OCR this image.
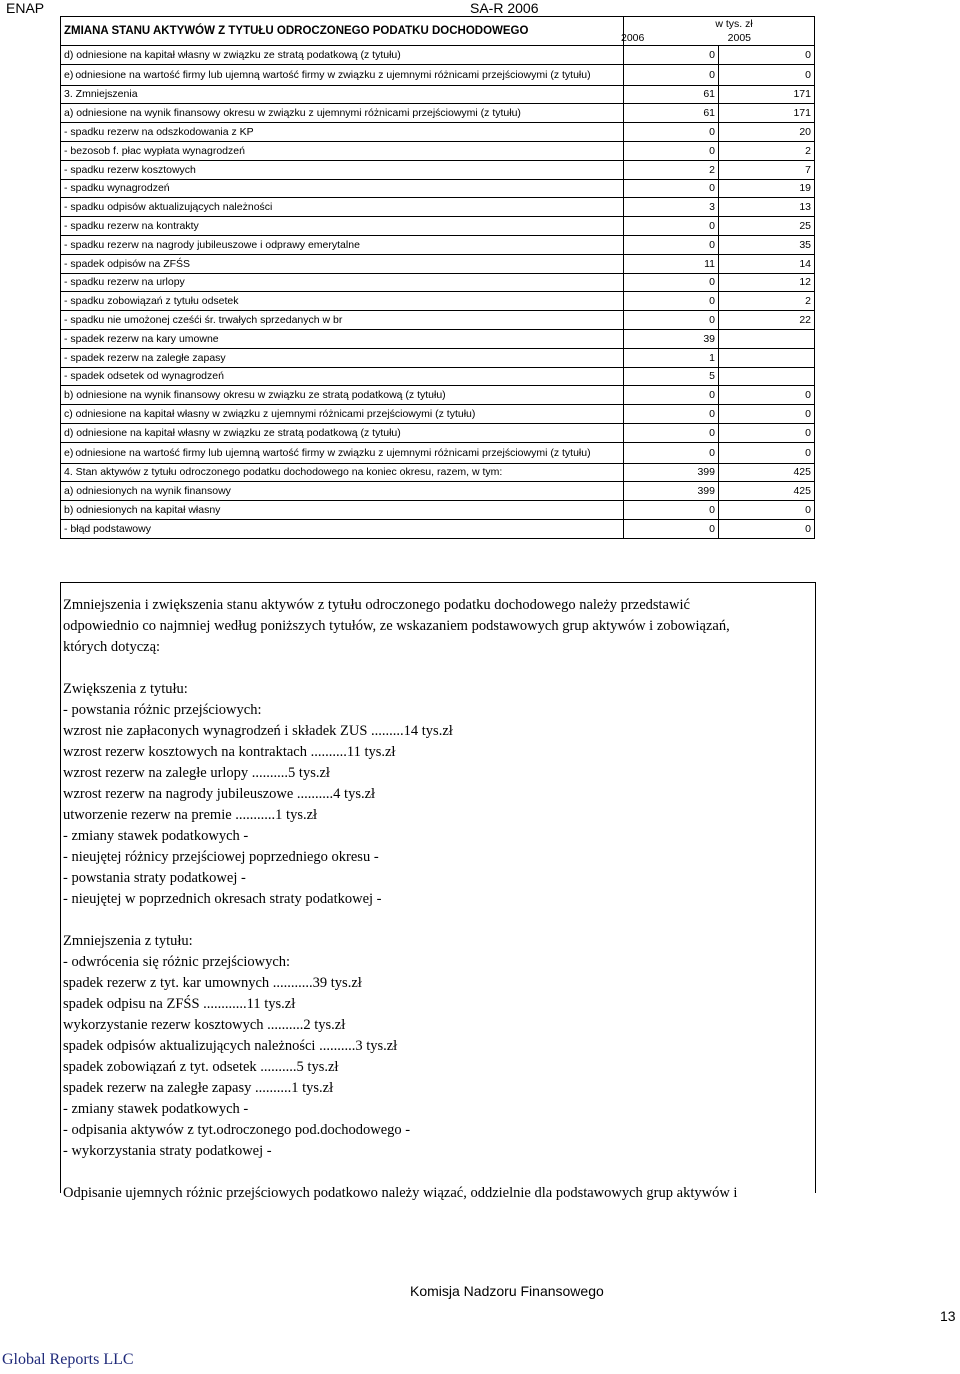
ENAP	SA-R 2006
ZMIANA STANU AKTYWÓW Z TYTUŁU ODROCZONEGO PODATKU DOCHODOWEGO	w tys. zł	

	2006 2005	

d) odniesione na kapitał własny w związku ze stratą podatkową (z tytułu)	0	0

e) odniesione na wartość firmy lub ujemną wartość firmy w związku z ujemnymi różnicami przejściowymi (z tytułu)	0	0
3. Zmniejszenia	61	171
a) odniesione na wynik finansowy okresu w związku z ujemnymi różnicami przejściowymi (z tytułu)	61	171
- spadku rezerw na odszkodowania z KP	0	20
- bezosob f. płac wypłata wynagrodzeń	0	2
- spadku rezerw kosztowych	2	7
- spadku wynagrodzeń	0	19
- spadku odpisów aktualizujących należności	3	13
- spadku rezerw na kontrakty	0	25
- spadku rezerw na nagrody jubileuszowe i odprawy emerytalne	0	35
- spadek odpisów na ZFŚS	11	14
- spadku rezerw na urlopy	0	12
- spadku zobowiązań z tytułu odsetek	0	2
- spadku nie umożonej cześći śr. trwałych sprzedanych w br	0	22
- spadek rezerw na kary umowne	39	
- spadek rezerw na zaległe zapasy	1	
- spadek odsetek od wynagrodzeń	5	
b) odniesione na wynik finansowy okresu w związku ze stratą podatkową (z tytułu)	0	0
c) odniesione na kapitał własny w związku z ujemnymi różnicami przejściowymi (z tytułu)	0	0
d) odniesione na kapitał własny w związku ze stratą podatkową (z tytułu)	0	0

e) odniesione na wartość firmy lub ujemną wartość firmy w związku z ujemnymi różnicami przejściowymi (z tytułu)	0	0
4. Stan aktywów z tytułu odroczonego podatku dochodowego na koniec okresu, razem, w tym:	399	425
a) odniesionych na wynik finansowy	399	425
b) odniesionych na kapitał własny	0	0
- błąd podstawowy	0	0
Zmniejszenia i zwiększenia stanu aktywów z tytułu odroczonego podatku dochodowego należy przedstawić
odpowiednio co najmniej według poniższych tytułów, ze wskazaniem podstawowych grup aktywów i zobowiązań,
których dotyczą:
Zwiększenia z tytułu:
- powstania różnic przejściowych:
wzrost nie zapłaconych wynagrodzeń i składek ZUS .........14 tys.zł
wzrost rezerw kosztowych na kontraktach ..........11 tys.zł
wzrost rezerw na zaległe urlopy ..........5 tys.zł
wzrost rezerw na nagrody jubileuszowe ..........4 tys.zł
utworzenie rezerw na premie ...........1 tys.zł
- zmiany stawek podatkowych -
- nieujętej różnicy przejściowej poprzedniego okresu -
- powstania straty podatkowej -
- nieujętej w poprzednich okresach straty podatkowej -
Zmniejszenia z tytułu:
- odwrócenia się różnic przejściowych:
spadek rezerw z tyt. kar umownych ...........39 tys.zł
spadek odpisu na ZFŚS ............11 tys.zł
wykorzystanie rezerw kosztowych ..........2 tys.zł
spadek odpisów aktualizujących należności ..........3 tys.zł
spadek zobowiązań z tyt. odsetek ..........5 tys.zł
spadek rezerw na zaległe zapasy ..........1 tys.zł
- zmiany stawek podatkowych -
- odpisania aktywów z tyt.odroczonego pod.dochodowego -
- wykorzystania straty podatkowej -
Odpisanie ujemnych różnic przejściowych podatkowo należy wiązać, oddzielnie dla podstawowych grup aktywów i
Komisja Nadzoru Finansowego
13
Global Reports LLC
